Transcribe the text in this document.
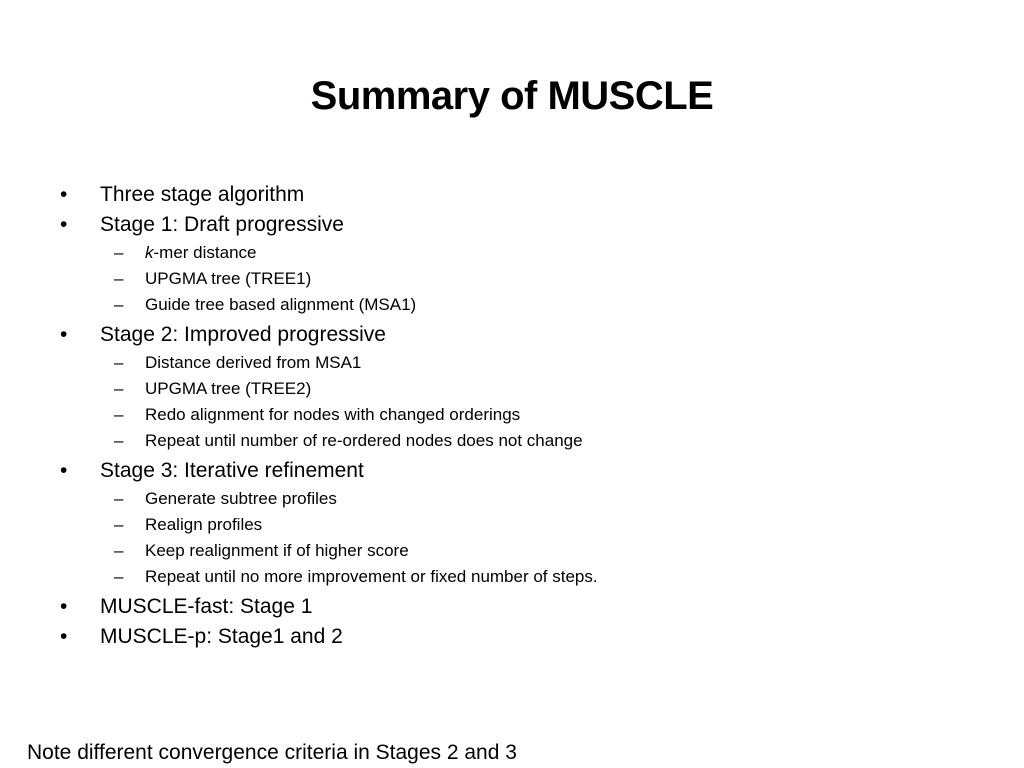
Summary of MUSCLE
• Three stage algorithm
• Stage 1: Draft progressive
– k-mer distance
– UPGMA tree (TREE1)
– Guide tree based alignment (MSA1)
• Stage 2: Improved progressive
– Distance derived from MSA1
– UPGMA tree (TREE2)
– Redo alignment for nodes with changed orderings
– Repeat until number of re-ordered nodes does not change
• Stage 3: Iterative refinement
– Generate subtree profiles
– Realign profiles
– Keep realignment if of higher score
– Repeat until no more improvement or fixed number of steps.
• MUSCLE-fast: Stage 1
• MUSCLE-p: Stage1 and 2
Note different convergence criteria in Stages 2 and 3
